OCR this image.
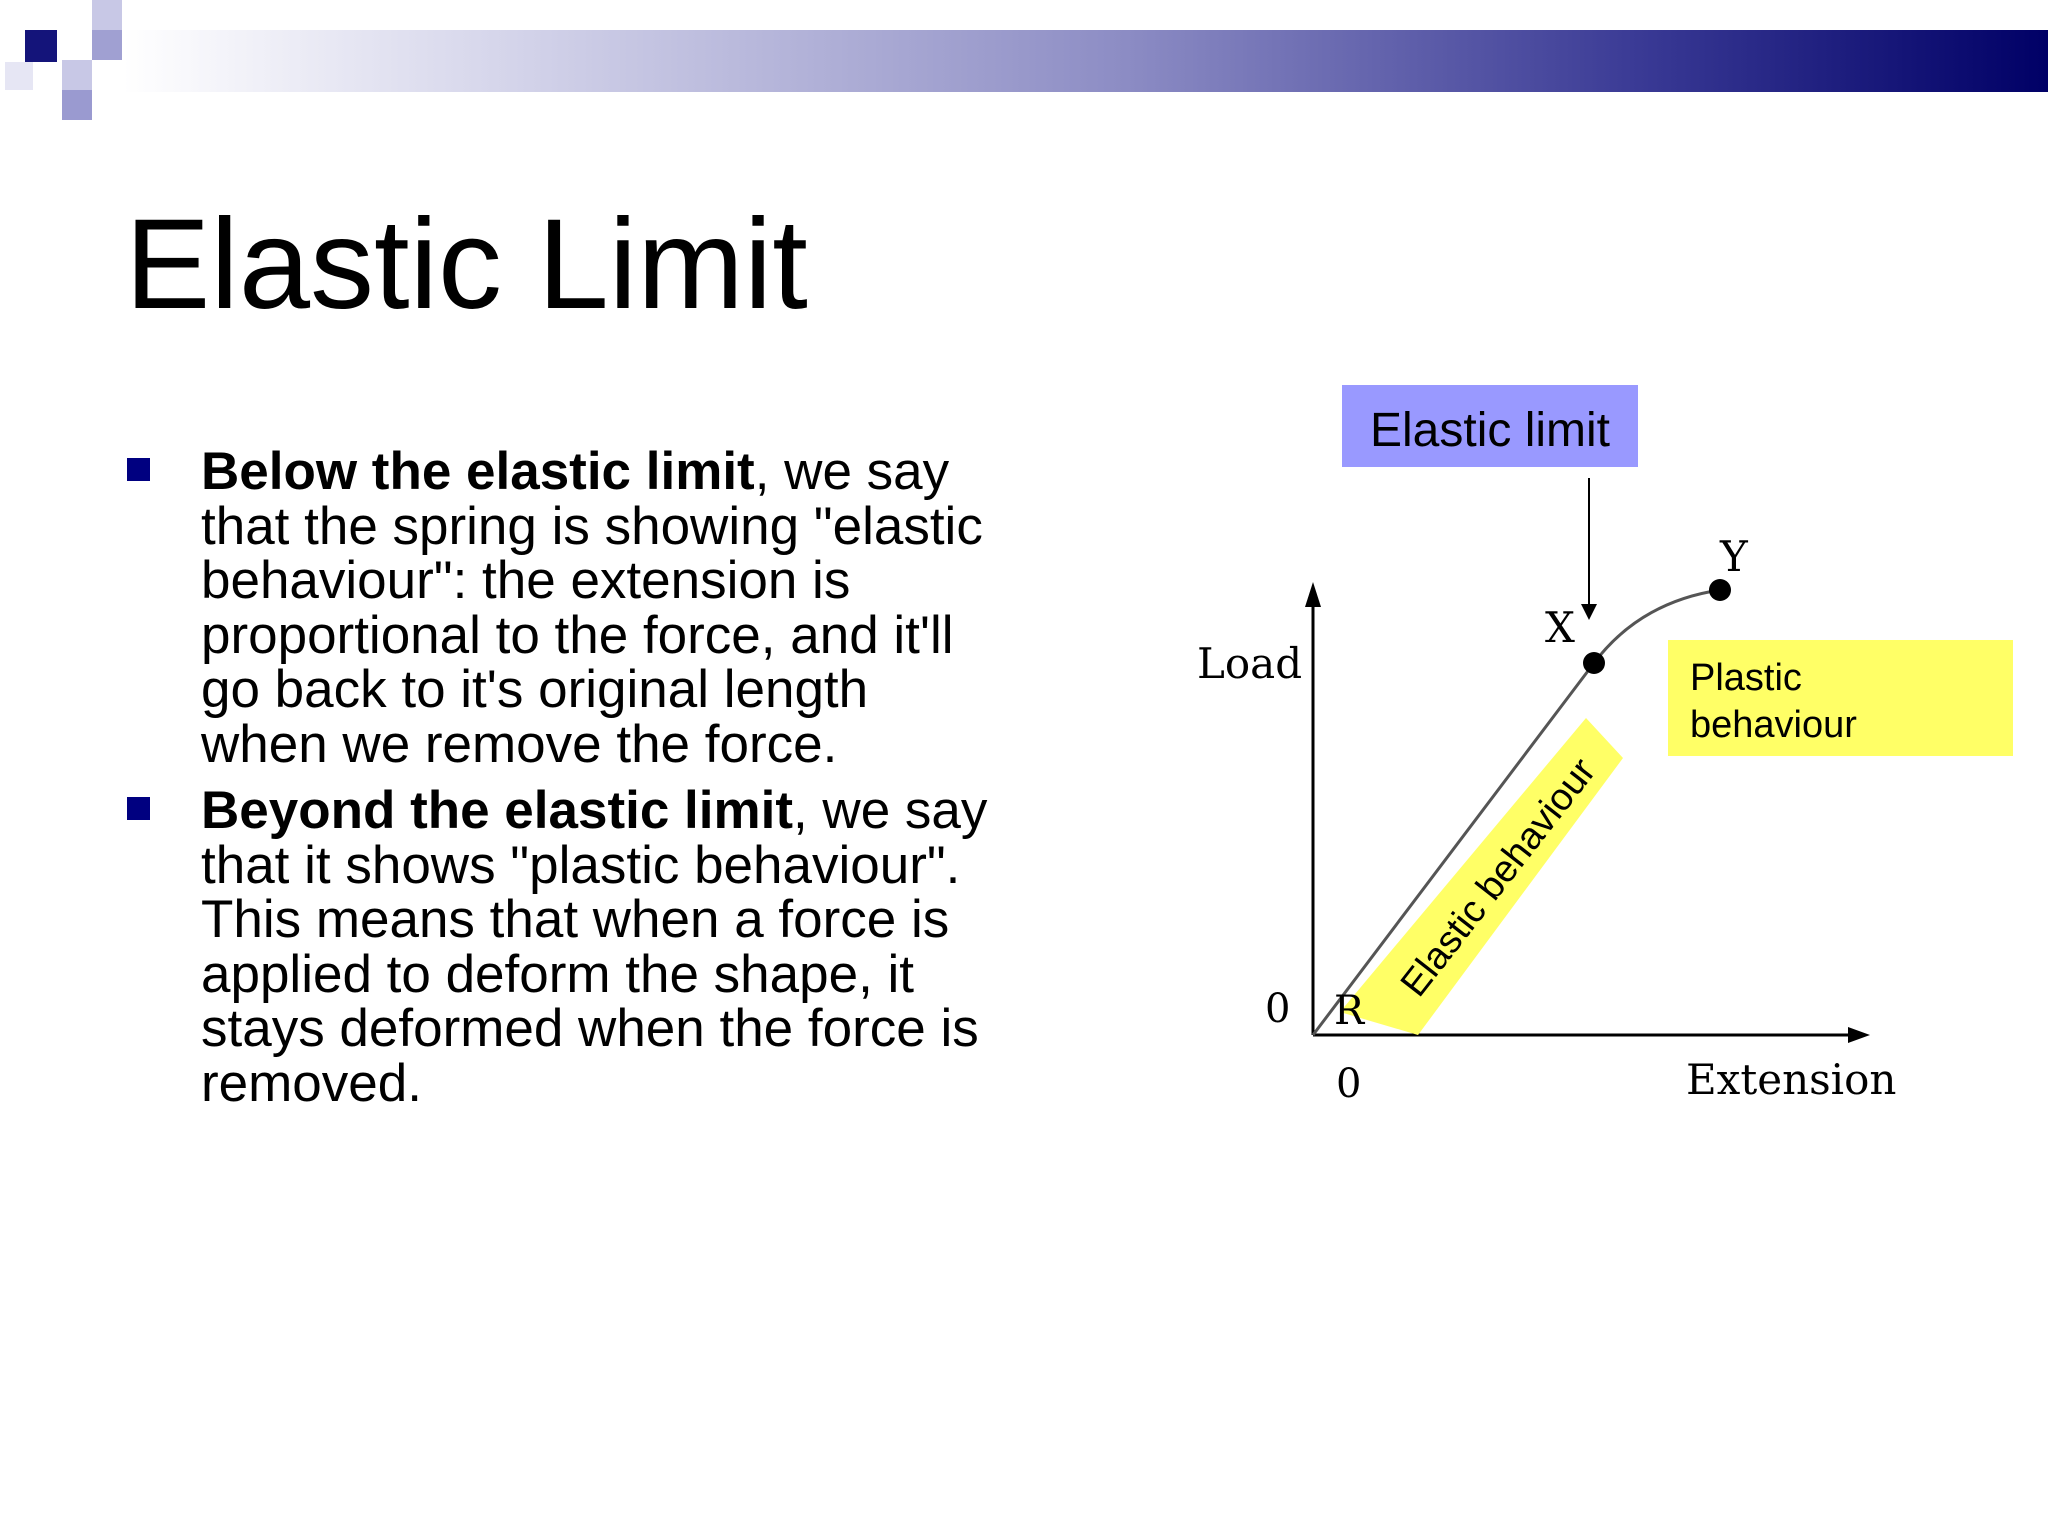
Elastic Limit
Below the elastic limit, we say that the spring is showing "elastic behaviour": the extension is proportional to the force, and it'll go back to it's original length when we remove the force.
Beyond the elastic limit, we say that it shows "plastic behaviour". This means that when a force is applied to deform the shape, it stays deformed when the force is removed.
Elastic limit
Plastic
behaviour
Elastic behaviour
Load
Extension
0
0
R
X
Y
